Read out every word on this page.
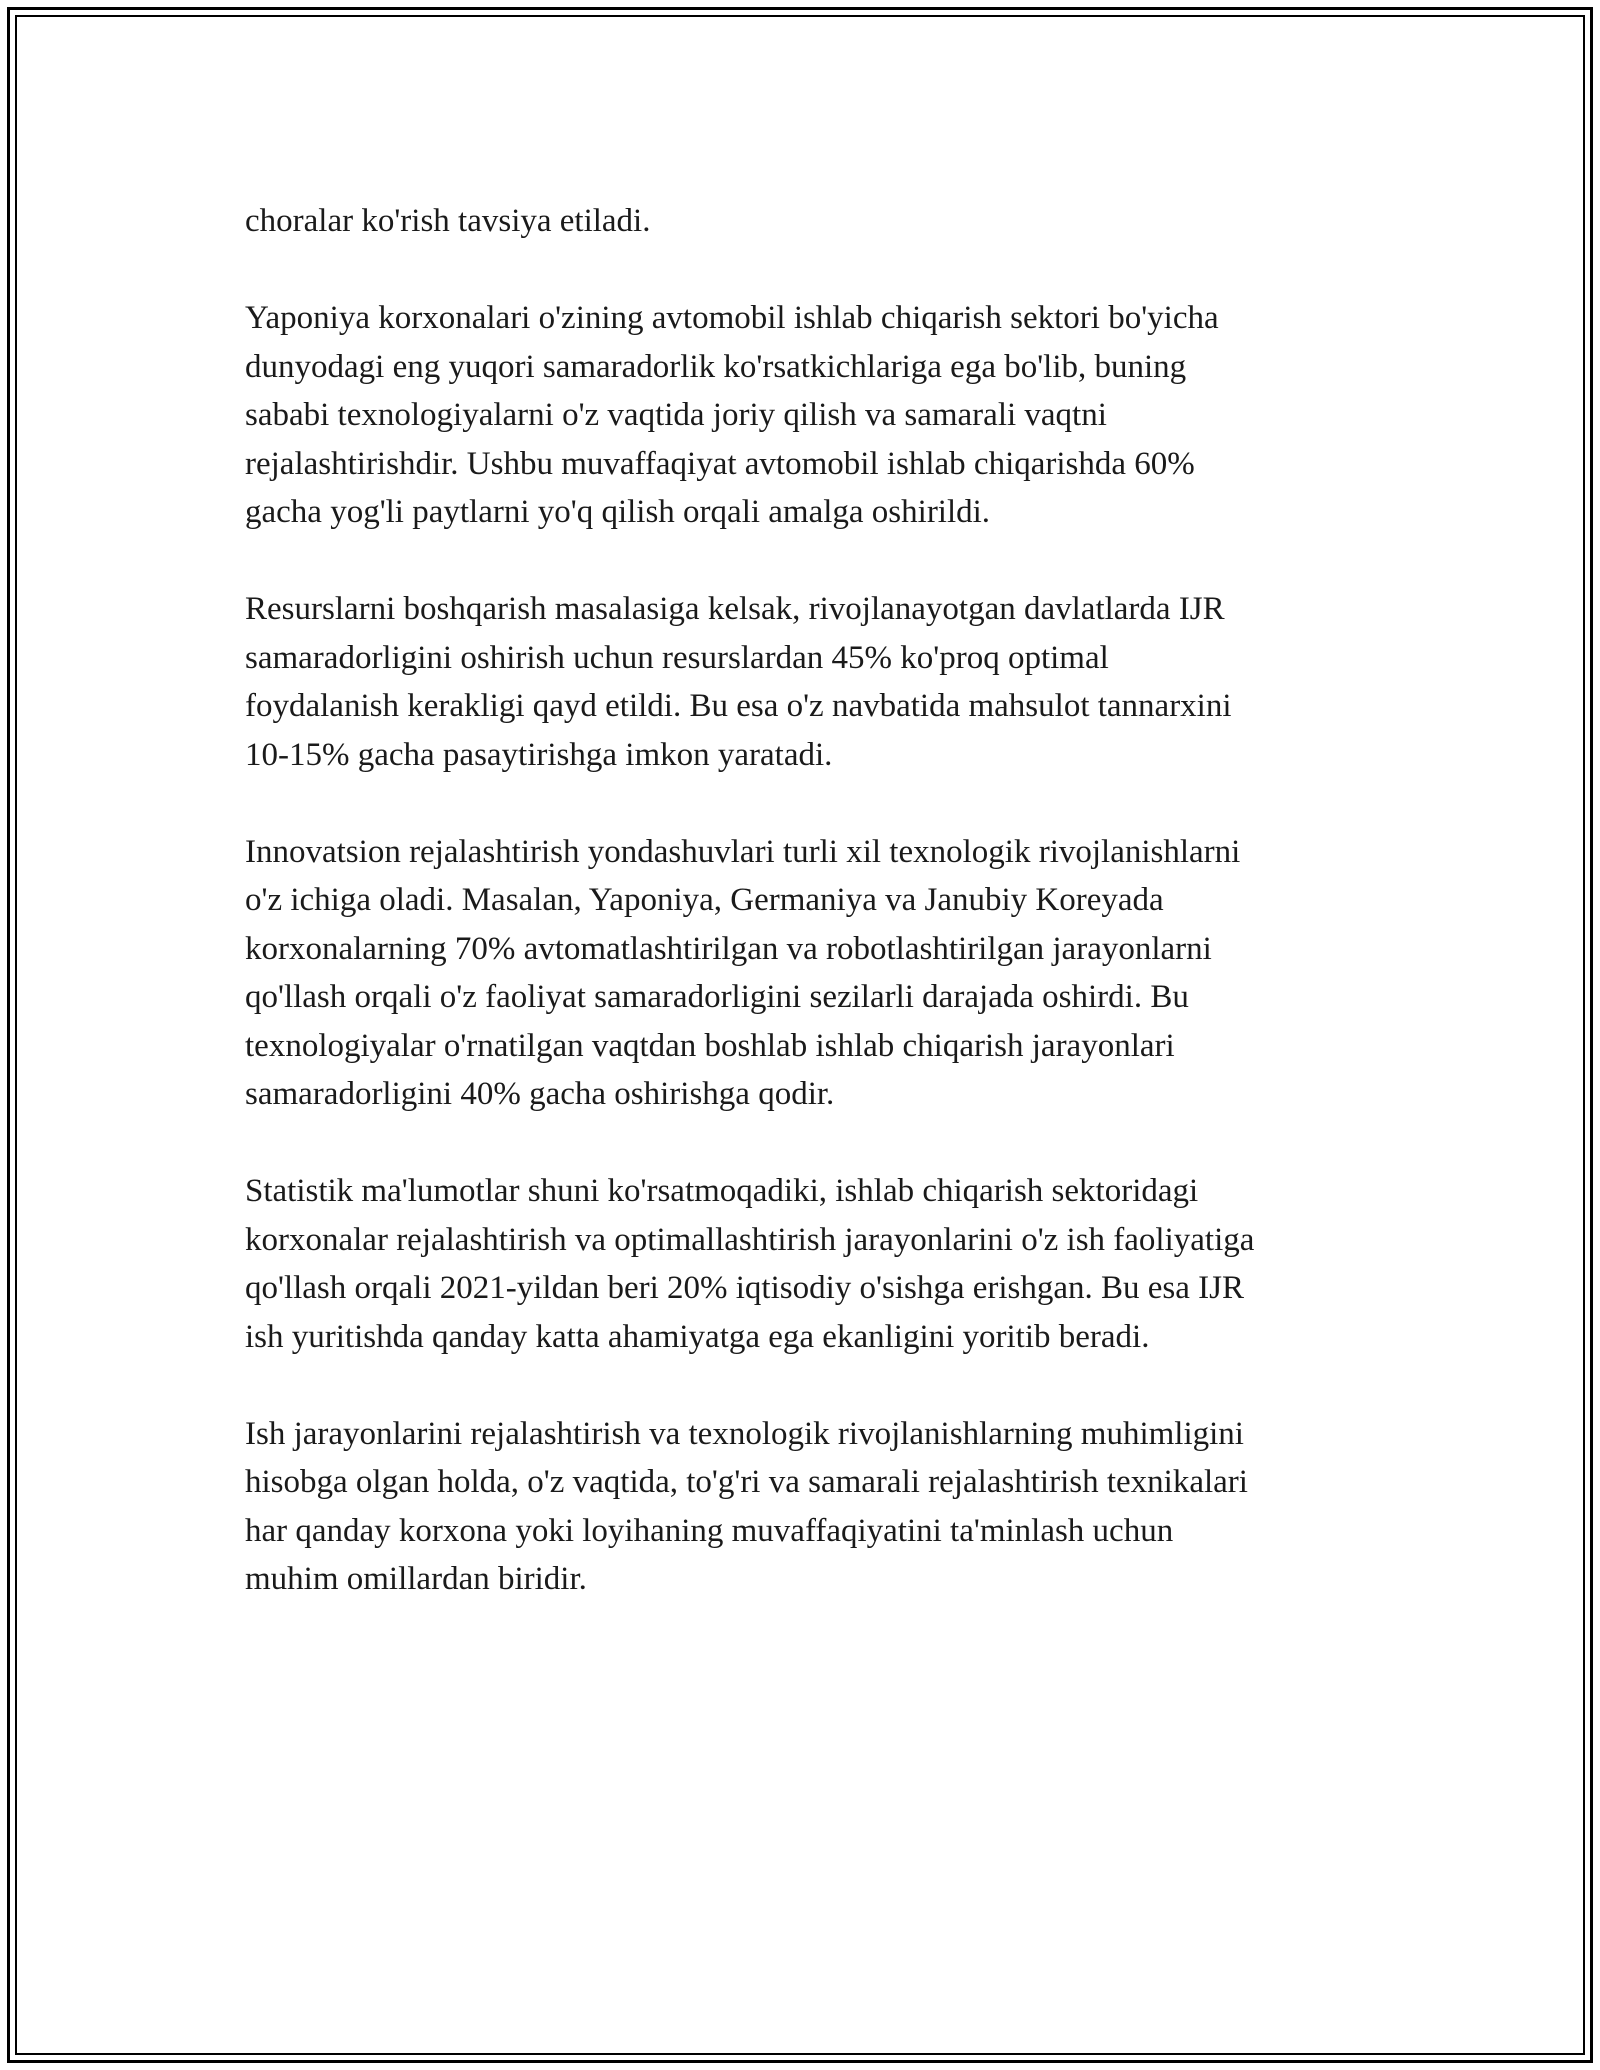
choralar ko'rish tavsiya etiladi.
Yaponiya korxonalari o'zining avtomobil ishlab chiqarish sektori bo'yicha
dunyodagi eng yuqori samaradorlik ko'rsatkichlariga ega bo'lib, buning
sababi texnologiyalarni o'z vaqtida joriy qilish va samarali vaqtni
rejalashtirishdir. Ushbu muvaffaqiyat avtomobil ishlab chiqarishda 60%
gacha yog'li paytlarni yo'q qilish orqali amalga oshirildi.
Resurslarni boshqarish masalasiga kelsak, rivojlanayotgan davlatlarda IJR
samaradorligini oshirish uchun resurslardan 45% ko'proq optimal
foydalanish kerakligi qayd etildi. Bu esa o'z navbatida mahsulot tannarxini
10-15% gacha pasaytirishga imkon yaratadi.
Innovatsion rejalashtirish yondashuvlari turli xil texnologik rivojlanishlarni
o'z ichiga oladi. Masalan, Yaponiya, Germaniya va Janubiy Koreyada
korxonalarning 70% avtomatlashtirilgan va robotlashtirilgan jarayonlarni
qo'llash orqali o'z faoliyat samaradorligini sezilarli darajada oshirdi. Bu
texnologiyalar o'rnatilgan vaqtdan boshlab ishlab chiqarish jarayonlari
samaradorligini 40% gacha oshirishga qodir.
Statistik ma'lumotlar shuni ko'rsatmoqadiki, ishlab chiqarish sektoridagi
korxonalar rejalashtirish va optimallashtirish jarayonlarini o'z ish faoliyatiga
qo'llash orqali 2021-yildan beri 20% iqtisodiy o'sishga erishgan. Bu esa IJR
ish yuritishda qanday katta ahamiyatga ega ekanligini yoritib beradi.
Ish jarayonlarini rejalashtirish va texnologik rivojlanishlarning muhimligini
hisobga olgan holda, o'z vaqtida, to'g'ri va samarali rejalashtirish texnikalari
har qanday korxona yoki loyihaning muvaffaqiyatini ta'minlash uchun
muhim omillardan biridir.
